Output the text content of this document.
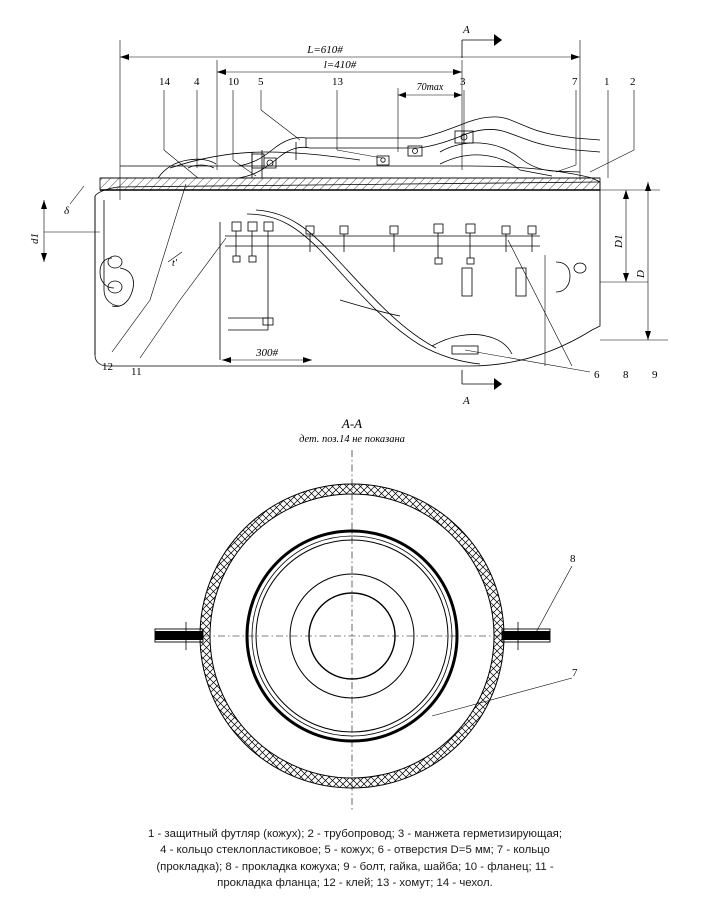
A
L=610#
l=410#
70max
d1
δ
D1
D
300#
t'
A
14 4	10 5	13	3	7 1 2
12 11	6 8 9
А-А
дет. поз.14 не показана
8
7
1 - защитный футляр (кожух); 2 - трубопровод; 3 - манжета герметизирующая;
4 - кольцо стеклопластиковое; 5 - кожух; 6 - отверстия D=5 мм; 7 - кольцо
(прокладка); 8 - прокладка кожуха; 9 - болт, гайка, шайба; 10 - фланец; 11 -
прокладка фланца; 12 - клей; 13 - хомут; 14 - чехол.
